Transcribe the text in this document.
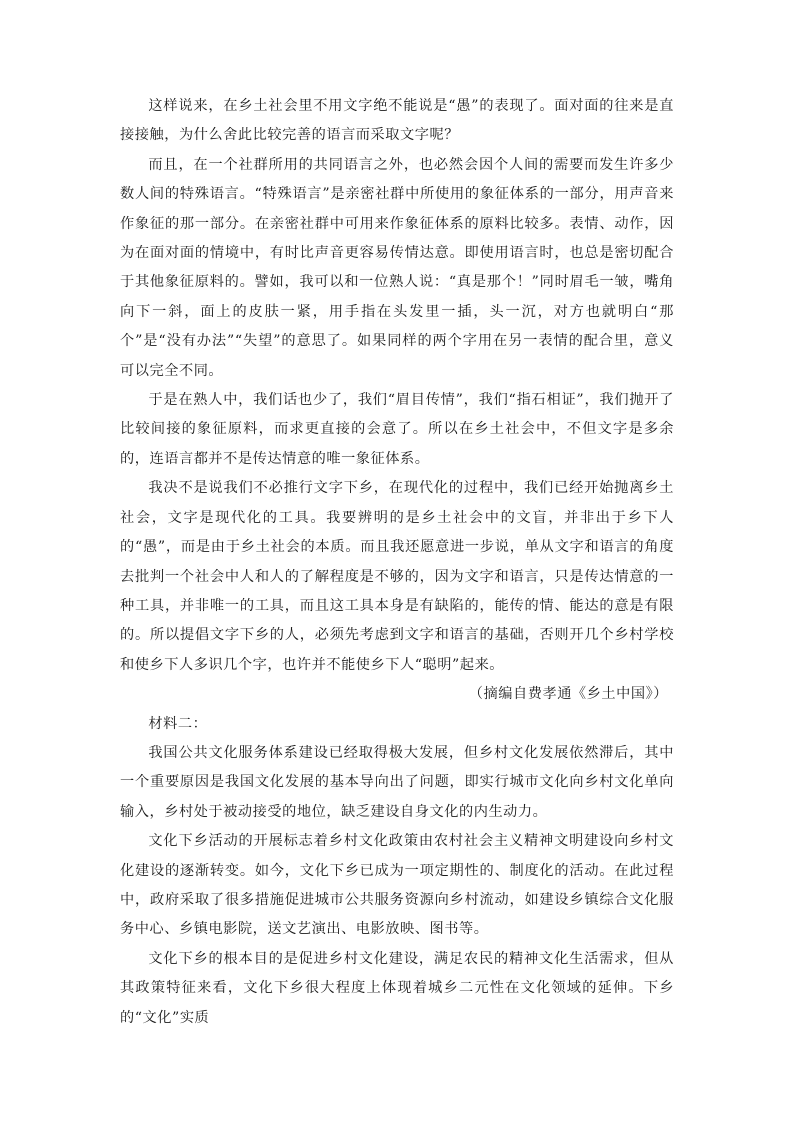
这样说来，在乡土社会里不用文字绝不能说是“愚”的表现了。面对面的往来是直接接触，为什么舍此比较完善的语言而采取文字呢？

而且，在一个社群所用的共同语言之外，也必然会因个人间的需要而发生许多少数人间的特殊语言。“特殊语言”是亲密社群中所使用的象征体系的一部分，用声音来作象征的那一部分。在亲密社群中可用来作象征体系的原料比较多。表情、动作，因为在面对面的情境中，有时比声音更容易传情达意。即使用语言时，也总是密切配合于其他象征原料的。譬如，我可以和一位熟人说：“真是那个！”同时眉毛一皱，嘴角向下一斜，面上的皮肤一紧，用手指在头发里一插，头一沉，对方也就明白“那个”是“没有办法”“失望”的意思了。如果同样的两个字用在另一表情的配合里，意义可以完全不同。

于是在熟人中，我们话也少了，我们“眉目传情”，我们“指石相证”，我们抛开了比较间接的象征原料，而求更直接的会意了。所以在乡土社会中，不但文字是多余的，连语言都并不是传达情意的唯一象征体系。

我决不是说我们不必推行文字下乡，在现代化的过程中，我们已经开始抛离乡土社会，文字是现代化的工具。我要辨明的是乡土社会中的文盲，并非出于乡下人的“愚”，而是由于乡土社会的本质。而且我还愿意进一步说，单从文字和语言的角度去批判一个社会中人和人的了解程度是不够的，因为文字和语言，只是传达情意的一种工具，并非唯一的工具，而且这工具本身是有缺陷的，能传的情、能达的意是有限的。所以提倡文字下乡的人，必须先考虑到文字和语言的基础，否则开几个乡村学校和使乡下人多识几个字，也许并不能使乡下人“聪明”起来。

（摘编自费孝通《乡土中国》）

材料二：

我国公共文化服务体系建设已经取得极大发展，但乡村文化发展依然滞后，其中一个重要原因是我国文化发展的基本导向出了问题，即实行城市文化向乡村文化单向输入，乡村处于被动接受的地位，缺乏建设自身文化的内生动力。

文化下乡活动的开展标志着乡村文化政策由农村社会主义精神文明建设向乡村文化建设的逐渐转变。如今，文化下乡已成为一项定期性的、制度化的活动。在此过程中，政府采取了很多措施促进城市公共服务资源向乡村流动，如建设乡镇综合文化服务中心、乡镇电影院，送文艺演出、电影放映、图书等。

文化下乡的根本目的是促进乡村文化建设，满足农民的精神文化生活需求，但从其政策特征来看，文化下乡很大程度上体现着城乡二元性在文化领域的延伸。下乡的“文化”实质
